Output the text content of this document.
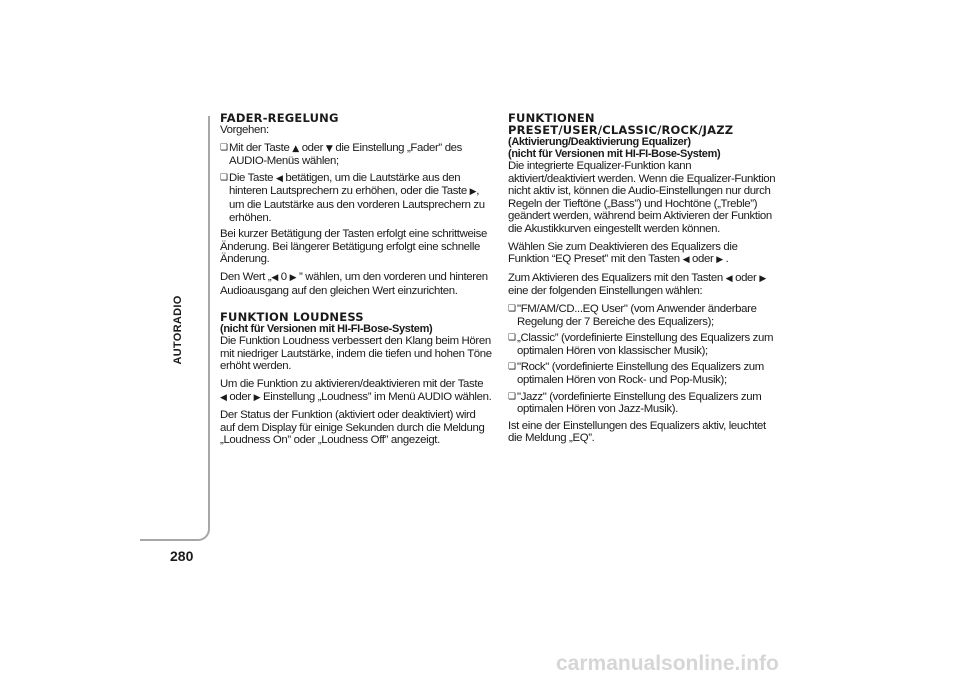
AUTORADIO
280
FADER-REGELUNG

Vorgehen:

❏ Mit der Taste ▲ oder ▼ die Einstellung „Fader” des AUDIO-Menüs wählen;
❏ Die Taste ◀ betätigen, um die Lautstärke aus den hinteren Lautsprechern zu erhöhen, oder die Taste ▶, um die Lautstärke aus den vorderen Lautsprechern zu erhöhen.

Bei kurzer Betätigung der Tasten erfolgt eine schrittweise Änderung. Bei längerer Betätigung erfolgt eine schnelle Änderung.

Den Wert „◀ 0 ▶ ” wählen, um den vorderen und hinteren Audioausgang auf den gleichen Wert einzurichten.

FUNKTION LOUDNESS
(nicht für Versionen mit HI-FI-Bose-System)

Die Funktion Loudness verbessert den Klang beim Hören mit niedriger Lautstärke, indem die tiefen und hohen Töne erhöht werden.

Um die Funktion zu aktivieren/deaktivieren mit der Taste ◀ oder ▶ Einstellung „Loudness” im Menü AUDIO wählen.

Der Status der Funktion (aktiviert oder deaktiviert) wird auf dem Display für einige Sekunden durch die Meldung „Loudness On” oder „Loudness Off” angezeigt.

FUNKTIONEN
PRESET/USER/CLASSIC/ROCK/JAZZ
(Aktivierung/Deaktivierung Equalizer)
(nicht für Versionen mit HI-FI-Bose-System)

Die integrierte Equalizer-Funktion kann aktiviert/deaktiviert werden. Wenn die Equalizer-Funktion nicht aktiv ist, können die Audio-Einstellungen nur durch Regeln der Tieftöne („Bass”) und Hochtöne („Treble”) geändert werden, während beim Aktivieren der Funktion die Akustikkurven eingestellt werden können.

Wählen Sie zum Deaktivieren des Equalizers die Funktion “EQ Preset” mit den Tasten ◀ oder ▶ .

Zum Aktivieren des Equalizers mit den Tasten ◀ oder ▶ eine der folgenden Einstellungen wählen:

❏ "FM/AM/CD...EQ User" (vom Anwender änderbare Regelung der 7 Bereiche des Equalizers);
❏ „Classic” (vordefinierte Einstellung des Equalizers zum optimalen Hören von klassischer Musik);
❏ "Rock" (vordefinierte Einstellung des Equalizers zum optimalen Hören von Rock- und Pop-Musik);
❏ "Jazz" (vordefinierte Einstellung des Equalizers zum optimalen Hören von Jazz-Musik).

Ist eine der Einstellungen des Equalizers aktiv, leuchtet die Meldung „EQ”.

carmanualsonline.info
